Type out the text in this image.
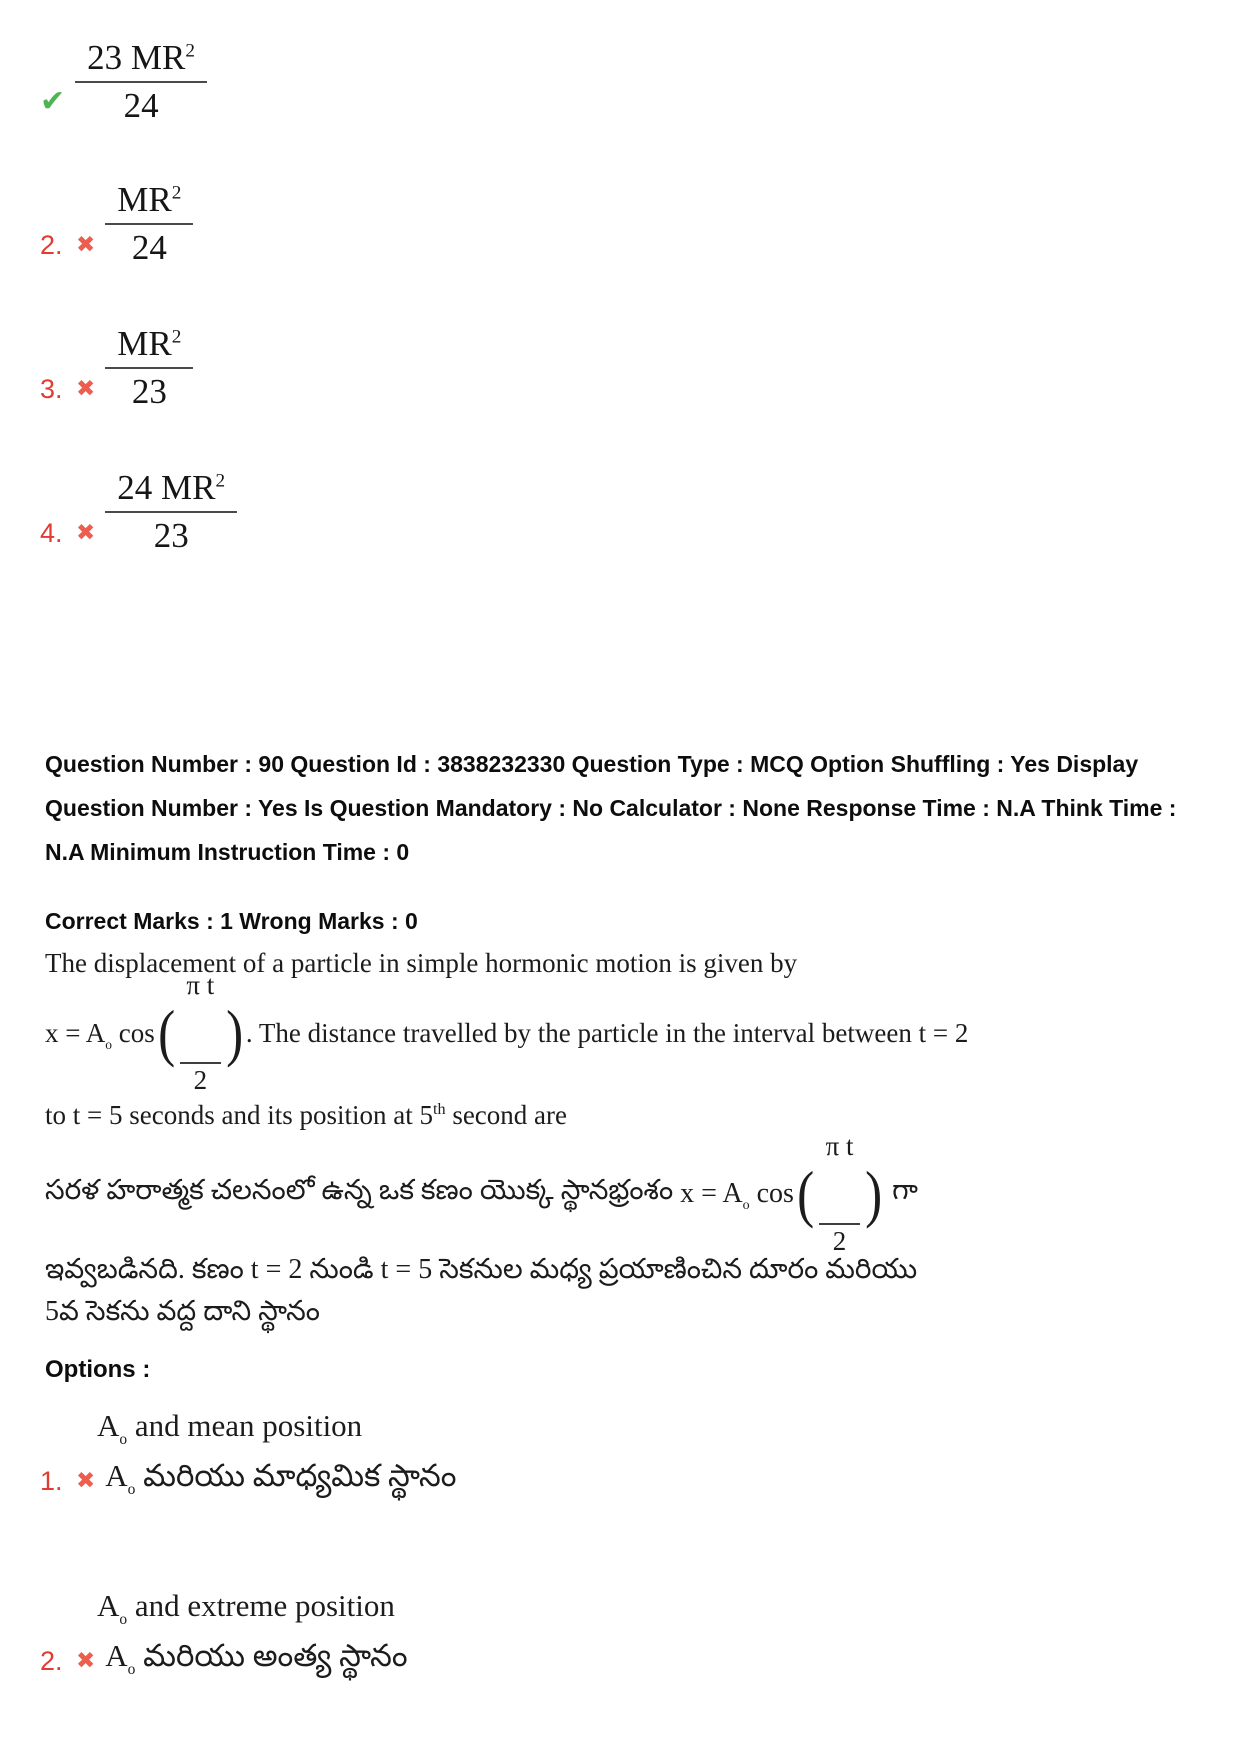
✔ $\frac{23 MR^2}{24}$
2. ✖ $\frac{MR^2}{24}$
3. ✖ $\frac{MR^2}{23}$
4. ✖ $\frac{24 MR^2}{23}$
Question Number : 90 Question Id : 3838232330 Question Type : MCQ Option Shuffling : Yes Display Question Number : Yes Is Question Mandatory : No Calculator : None Response Time : N.A Think Time : N.A Minimum Instruction Time : 0
Correct Marks : 1 Wrong Marks : 0
The displacement of a particle in simple hormonic motion is given by
$x = A_o$ cos (

$\frac{\text{π t}}{2}$

) . The distance travelled by the particle in the interval between t = 2
to t = 5 seconds and its position at 5th second are
సరళ హరాత్మక చలనంలో ఉన్న ఒక కణం యొక్క స్థానభ్రంశం $x = A_o$ cos (

$\frac{\text{π t}}{2}$

) గా
ఇవ్వబడినది. కణం t = 2 నుండి t = 5 సెకనుల మధ్య ప్రయాణించిన దూరం మరియు
5వ సెకను వద్ద దాని స్థానం
Options :
$A_o$ and mean position
1. ✖ $A_o$ మరియు మాధ్యమిక స్థానం
$A_o$ and extreme position
2. ✖ $A_o$ మరియు అంత్య స్థానం
